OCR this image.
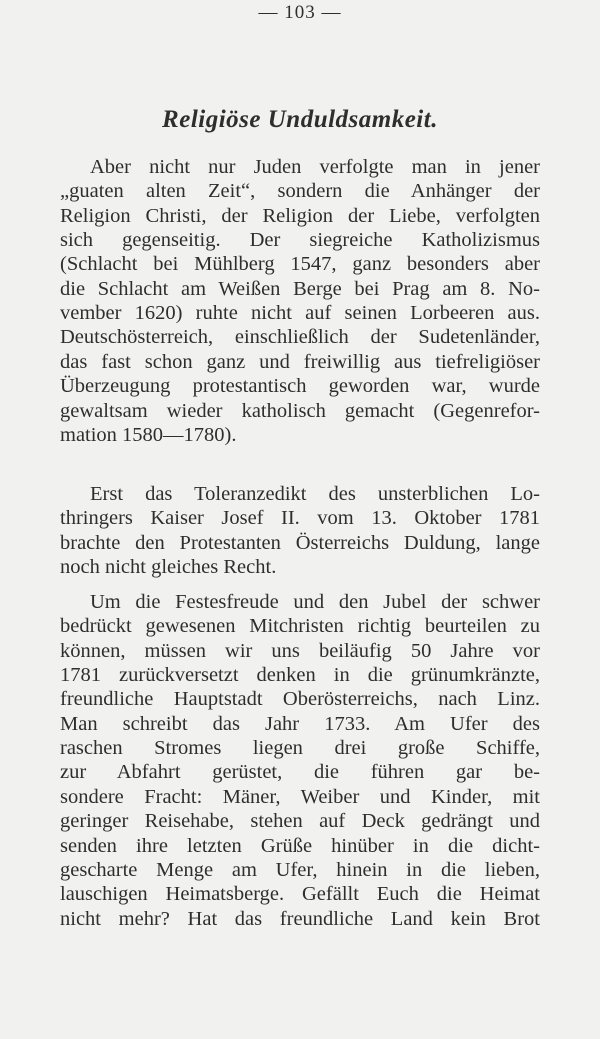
— 103 —
Religiöse Unduldsamkeit.
Aber nicht nur Juden verfolgte man in jener
„guaten alten Zeit“, sondern die Anhänger der
Religion Christi, der Religion der Liebe, verfolgten
sich gegenseitig. Der siegreiche Katholizismus
(Schlacht bei Mühlberg 1547, ganz besonders aber
die Schlacht am Weißen Berge bei Prag am 8. No-
vember 1620) ruhte nicht auf seinen Lorbeeren aus.
Deutschösterreich, einschließlich der Sudetenländer,
das fast schon ganz und freiwillig aus tiefreligiöser
Überzeugung protestantisch geworden war, wurde
gewaltsam wieder katholisch gemacht (Gegenrefor-
mation 1580—1780).
Erst das Toleranzedikt des unsterblichen Lo-
thringers Kaiser Josef II. vom 13. Oktober 1781
brachte den Protestanten Österreichs Duldung, lange
noch nicht gleiches Recht.
Um die Festesfreude und den Jubel der schwer
bedrückt gewesenen Mitchristen richtig beurteilen zu
können, müssen wir uns beiläufig 50 Jahre vor
1781 zurückversetzt denken in die grünumkränzte,
freundliche Hauptstadt Oberösterreichs, nach Linz.
Man schreibt das Jahr 1733. Am Ufer des
raschen Stromes liegen drei große Schiffe,
zur Abfahrt gerüstet, die führen gar be-
sondere Fracht: Mäner, Weiber und Kinder, mit
geringer Reisehabe, stehen auf Deck gedrängt und
senden ihre letzten Grüße hinüber in die dicht-
gescharte Menge am Ufer, hinein in die lieben,
lauschigen Heimatsberge. Gefällt Euch die Heimat
nicht mehr? Hat das freundliche Land kein Brot
